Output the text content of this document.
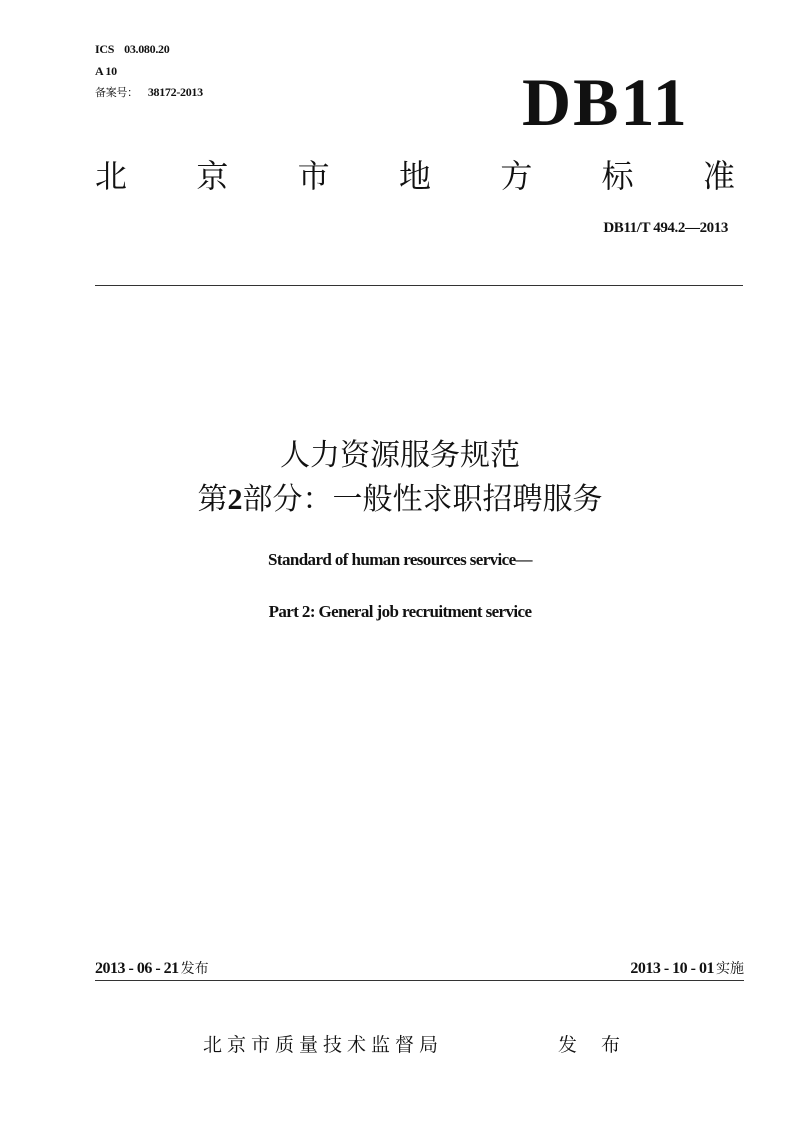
ICS 03.080.20
A 10
备案号： 38172-2013	DB11
北 京 市 地 方 标 准
DB11/T 494.2—2013
人力资源服务规范
第2部分：一般性求职招聘服务
Standard of human resources service—
Part 2: General job recruitment service
2013 - 06 - 21 发布	2013 - 10 - 01 实施
北京市质量技术监督局	发 布
